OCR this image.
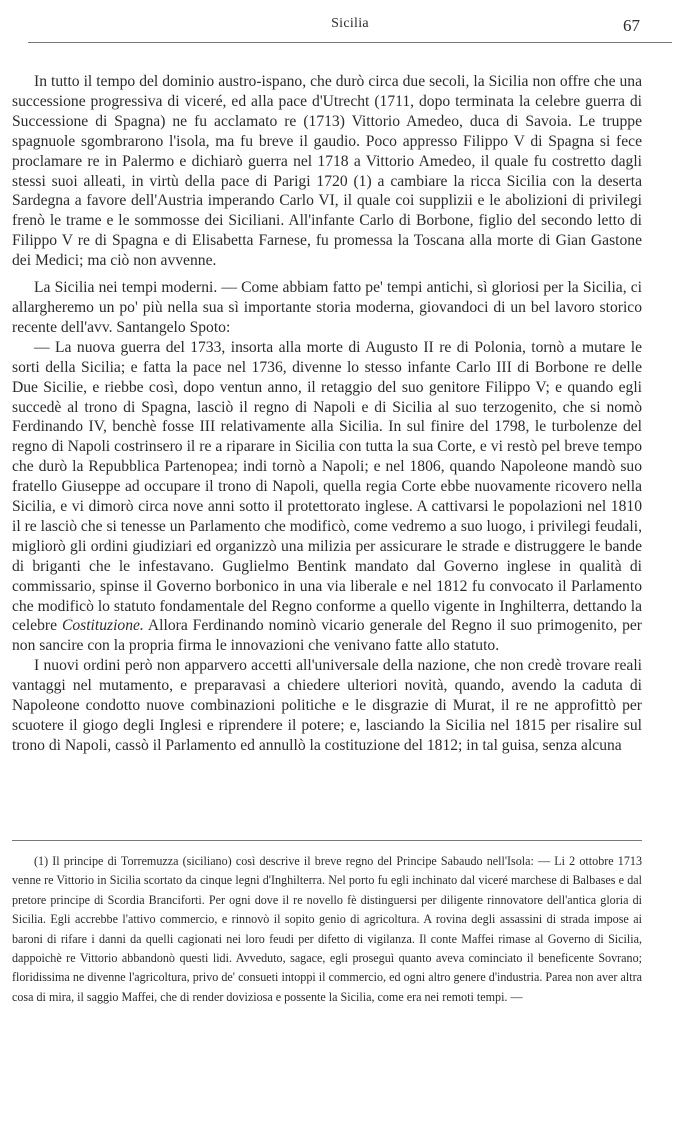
Sicilia	67

In tutto il tempo del dominio austro-ispano, che durò circa due secoli, la Sicilia non offre che una successione progressiva di viceré, ed alla pace d'Utrecht (1711, dopo terminata la celebre guerra di Successione di Spagna) ne fu acclamato re (1713) Vittorio Amedeo, duca di Savoia. Le truppe spagnuole sgombrarono l'isola, ma fu breve il gaudio. Poco appresso Filippo V di Spagna si fece proclamare re in Palermo e dichiarò guerra nel 1718 a Vittorio Amedeo, il quale fu costretto dagli stessi suoi alleati, in virtù della pace di Parigi 1720 (1) a cambiare la ricca Sicilia con la deserta Sardegna a favore dell'Austria imperando Carlo VI, il quale coi supplizii e le abolizioni di privilegi frenò le trame e le sommosse dei Siciliani. All'infante Carlo di Borbone, figlio del secondo letto di Filippo V re di Spagna e di Elisabetta Farnese, fu promessa la Toscana alla morte di Gian Gastone dei Medici; ma ciò non avvenne.

La Sicilia nei tempi moderni. — Come abbiam fatto pe' tempi antichi, sì gloriosi per la Sicilia, ci allargheremo un po' più nella sua sì importante storia moderna, giovandoci di un bel lavoro storico recente dell'avv. Santangelo Spoto:

— La nuova guerra del 1733, insorta alla morte di Augusto II re di Polonia, tornò a mutare le sorti della Sicilia; e fatta la pace nel 1736, divenne lo stesso infante Carlo III di Borbone re delle Due Sicilie, e riebbe così, dopo ventun anno, il retaggio del suo genitore Filippo V; e quando egli succedè al trono di Spagna, lasciò il regno di Napoli e di Sicilia al suo terzogenito, che si nomò Ferdinando IV, benchè fosse III relativamente alla Sicilia. In sul finire del 1798, le turbolenze del regno di Napoli costrinsero il re a riparare in Sicilia con tutta la sua Corte, e vi restò pel breve tempo che durò la Repubblica Partenopea; indi tornò a Napoli; e nel 1806, quando Napoleone mandò suo fratello Giuseppe ad occupare il trono di Napoli, quella regia Corte ebbe nuovamente ricovero nella Sicilia, e vi dimorò circa nove anni sotto il protettorato inglese. A cattivarsi le popolazioni nel 1810 il re lasciò che si tenesse un Parlamento che modificò, come vedremo a suo luogo, i privilegi feudali, migliorò gli ordini giudiziari ed organizzò una milizia per assicurare le strade e distruggere le bande di briganti che le infestavano. Guglielmo Bentink mandato dal Governo inglese in qualità di commissario, spinse il Governo borbonico in una via liberale e nel 1812 fu convocato il Parlamento che modificò lo statuto fondamentale del Regno conforme a quello vigente in Inghilterra, dettando la celebre Costituzione. Allora Ferdinando nominò vicario generale del Regno il suo primogenito, per non sancire con la propria firma le innovazioni che venivano fatte allo statuto.

I nuovi ordini però non apparvero accetti all'universale della nazione, che non credè trovare reali vantaggi nel mutamento, e preparavasi a chiedere ulteriori novità, quando, avendo la caduta di Napoleone condotto nuove combinazioni politiche e le disgrazie di Murat, il re ne approfittò per scuotere il giogo degli Inglesi e riprendere il potere; e, lasciando la Sicilia nel 1815 per risalire sul trono di Napoli, cassò il Parlamento ed annullò la costituzione del 1812; in tal guisa, senza alcuna

(1) Il principe di Torremuzza (siciliano) così descrive il breve regno del Principe Sabaudo nell'Isola: — Li 2 ottobre 1713 venne re Vittorio in Sicilia scortato da cinque legni d'Inghilterra. Nel porto fu egli inchinato dal viceré marchese di Balbases e dal pretore principe di Scordia Branciforti. Per ogni dove il re novello fè distinguersi per diligente rinnovatore dell'antica gloria di Sicilia. Egli accrebbe l'attivo commercio, e rinnovò il sopito genio di agricoltura. A rovina degli assassini di strada impose ai baroni di rifare i danni da quelli cagionati nei loro feudi per difetto di vigilanza. Il conte Maffei rimase al Governo di Sicilia, dappoichè re Vittorio abbandonò questi lidi. Avveduto, sagace, egli proseguì quanto aveva cominciato il beneficente Sovrano; floridissima ne divenne l'agricoltura, privo de' consueti intoppi il commercio, ed ogni altro genere d'industria. Parea non aver altra cosa di mira, il saggio Maffei, che di render doviziosa e possente la Sicilia, come era nei remoti tempi. —
